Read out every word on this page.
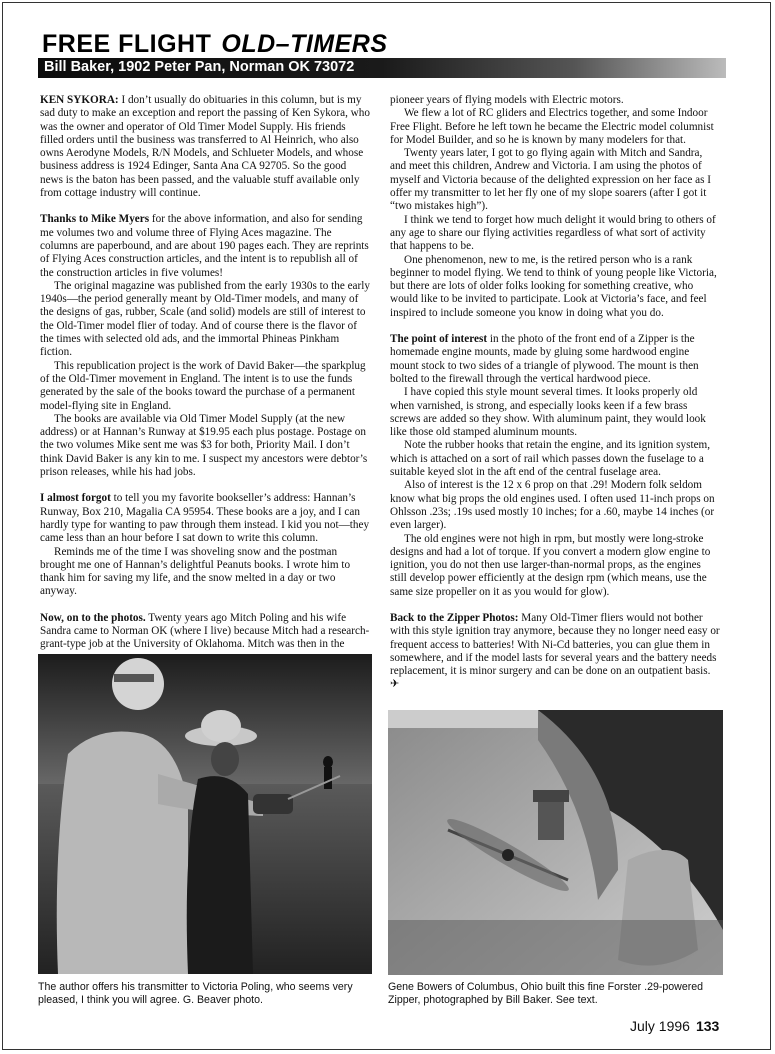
FREE FLIGHT OLD–TIMERS
Bill Baker, 1902 Peter Pan, Norman OK 73072

KEN SYKORA: I don’t usually do obituaries in this column, but is my sad duty to make an exception and report the passing of Ken Sykora, who was the owner and operator of Old Timer Model Supply. His friends filled orders until the business was transferred to Al Heinrich, who also owns Aerodyne Models, R/N Models, and Schlueter Models, and whose business address is 1924 Edinger, Santa Ana CA 92705. So the good news is the baton has been passed, and the valuable stuff available only from cottage industry will continue.

Thanks to Mike Myers for the above information, and also for sending me volumes two and volume three of Flying Aces magazine. The columns are paperbound, and are about 190 pages each. They are reprints of Flying Aces construction articles, and the intent is to republish all of the construction articles in five volumes!

The original magazine was published from the early 1930s to the early 1940s—the period generally meant by Old-Timer models, and many of the designs of gas, rubber, Scale (and solid) models are still of interest to the Old-Timer model flier of today. And of course there is the flavor of the times with selected old ads, and the immortal Phineas Pinkham fiction.

This republication project is the work of David Baker—the sparkplug of the Old-Timer movement in England. The intent is to use the funds generated by the sale of the books toward the purchase of a permanent model-flying site in England.

The books are available via Old Timer Model Supply (at the new address) or at Hannan’s Runway at $19.95 each plus postage. Postage on the two volumes Mike sent me was $3 for both, Priority Mail. I don’t think David Baker is any kin to me. I suspect my ancestors were debtor’s prison releases, while his had jobs.

I almost forgot to tell you my favorite bookseller’s address: Hannan’s Runway, Box 210, Magalia CA 95954. These books are a joy, and I can hardly type for wanting to paw through them instead. I kid you not—they came less than an hour before I sat down to write this column.

Reminds me of the time I was shoveling snow and the postman brought me one of Hannan’s delightful Peanuts books. I wrote him to thank him for saving my life, and the snow melted in a day or two anyway.

Now, on to the photos. Twenty years ago Mitch Poling and his wife Sandra came to Norman OK (where I live) because Mitch had a research-grant-type job at the University of Oklahoma. Mitch was then in the

pioneer years of flying models with Electric motors.

We flew a lot of RC gliders and Electrics together, and some Indoor Free Flight. Before he left town he became the Electric model columnist for Model Builder, and so he is known by many modelers for that.

Twenty years later, I got to go flying again with Mitch and Sandra, and meet this children, Andrew and Victoria. I am using the photos of myself and Victoria because of the delighted expression on her face as I offer my transmitter to let her fly one of my slope soarers (after I got it “two mistakes high”).

I think we tend to forget how much delight it would bring to others of any age to share our flying activities regardless of what sort of activity that happens to be.

One phenomenon, new to me, is the retired person who is a rank beginner to model flying. We tend to think of young people like Victoria, but there are lots of older folks looking for something creative, who would like to be invited to participate. Look at Victoria’s face, and feel inspired to include someone you know in doing what you do.

The point of interest in the photo of the front end of a Zipper is the homemade engine mounts, made by gluing some hardwood engine mount stock to two sides of a triangle of plywood. The mount is then bolted to the firewall through the vertical hardwood piece.

I have copied this style mount several times. It looks properly old when varnished, is strong, and especially looks keen if a few brass screws are added so they show. With aluminum paint, they would look like those old stamped aluminum mounts.

Note the rubber hooks that retain the engine, and its ignition system, which is attached on a sort of rail which passes down the fuselage to a suitable keyed slot in the aft end of the central fuselage area.

Also of interest is the 12 x 6 prop on that .29! Modern folk seldom know what big props the old engines used. I often used 11-inch props on Ohlsson .23s; .19s used mostly 10 inches; for a .60, maybe 14 inches (or even larger).

The old engines were not high in rpm, but mostly were long-stroke designs and had a lot of torque. If you convert a modern glow engine to ignition, you do not then use larger-than-normal props, as the engines still develop power efficiently at the design rpm (which means, use the same size propeller on it as you would for glow).

Back to the Zipper Photos: Many Old-Timer fliers would not bother with this style ignition tray anymore, because they no longer need easy or frequent access to batteries! With Ni-Cd batteries, you can glue them in somewhere, and if the model lasts for several years and the battery needs replacement, it is minor surgery and can be done on an outpatient basis. ✈

The author offers his transmitter to Victoria Poling, who seems very pleased, I think you will agree. G. Beaver photo.
Gene Bowers of Columbus, Ohio built this fine Forster .29-powered Zipper, photographed by Bill Baker. See text.
July 1996 133
